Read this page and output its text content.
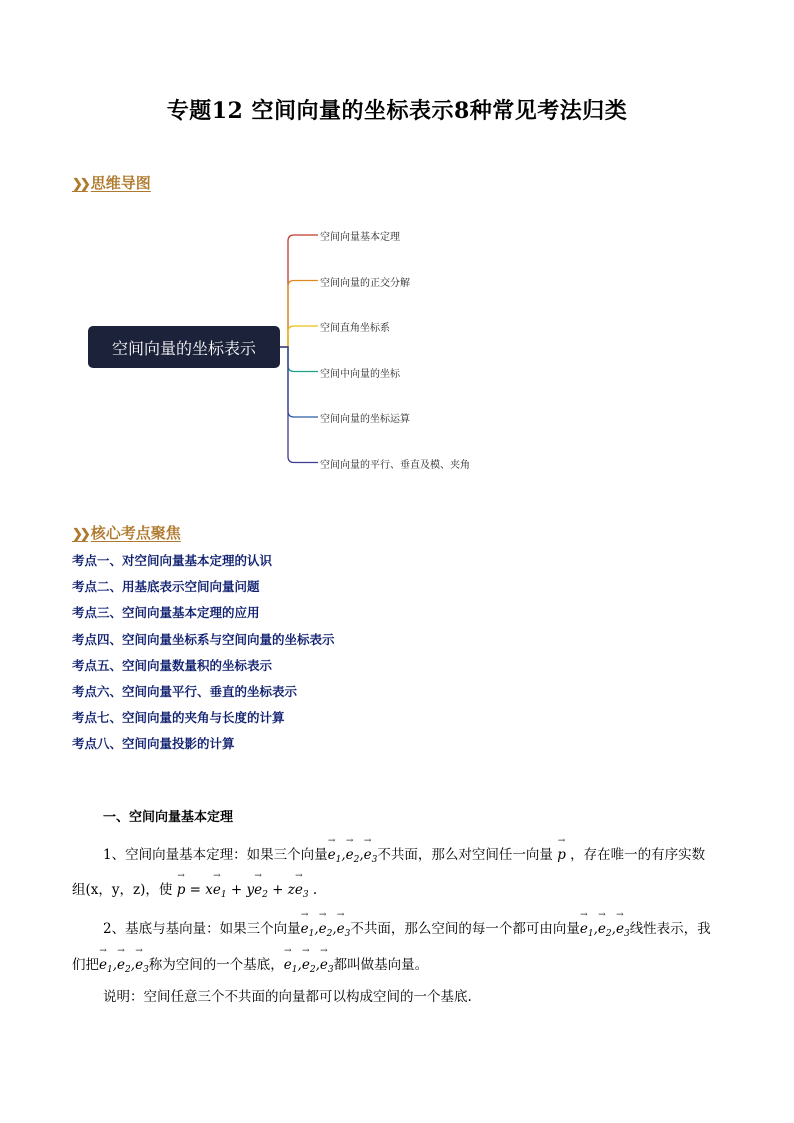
专题12 空间向量的坐标表示8种常见考法归类
❯❯ 思维导图
空间向量的坐标表示
空间向量基本定理
空间向量的正交分解
空间直角坐标系
空间中向量的坐标
空间向量的坐标运算
空间向量的平行、垂直及模、夹角
❯❯ 核心考点聚焦
考点一、对空间向量基本定理的认识
考点二、用基底表示空间向量问题
考点三、空间向量基本定理的应用
考点四、空间向量坐标系与空间向量的坐标表示
考点五、空间向量数量积的坐标表示
考点六、空间向量平行、垂直的坐标表示
考点七、空间向量的夹角与长度的计算
考点八、空间向量投影的计算
一、空间向量基本定理
1、空间向量基本定理：如果三个向量→ $e_1,\to e_2,\to e_3$不共面，那么对空间任一向量 → p ，存在唯一的有序实数
组(x，y，z)，使 → $p = x\to e_1 + y\to e_2 + z\to e_3$ .
2、基底与基向量：如果三个向量→ $e_1,\to e_2,\to e_3$不共面，那么空间的每一个都可由向量→ $e_1,\to e_2,\to e_3$线性表示，我
们把→ $e_1,\to e_2,\to e_3$称为空间的一个基底，→ $e_1,\to e_2,\to e_3$都叫做基向量。
说明：空间任意三个不共面的向量都可以构成空间的一个基底.
